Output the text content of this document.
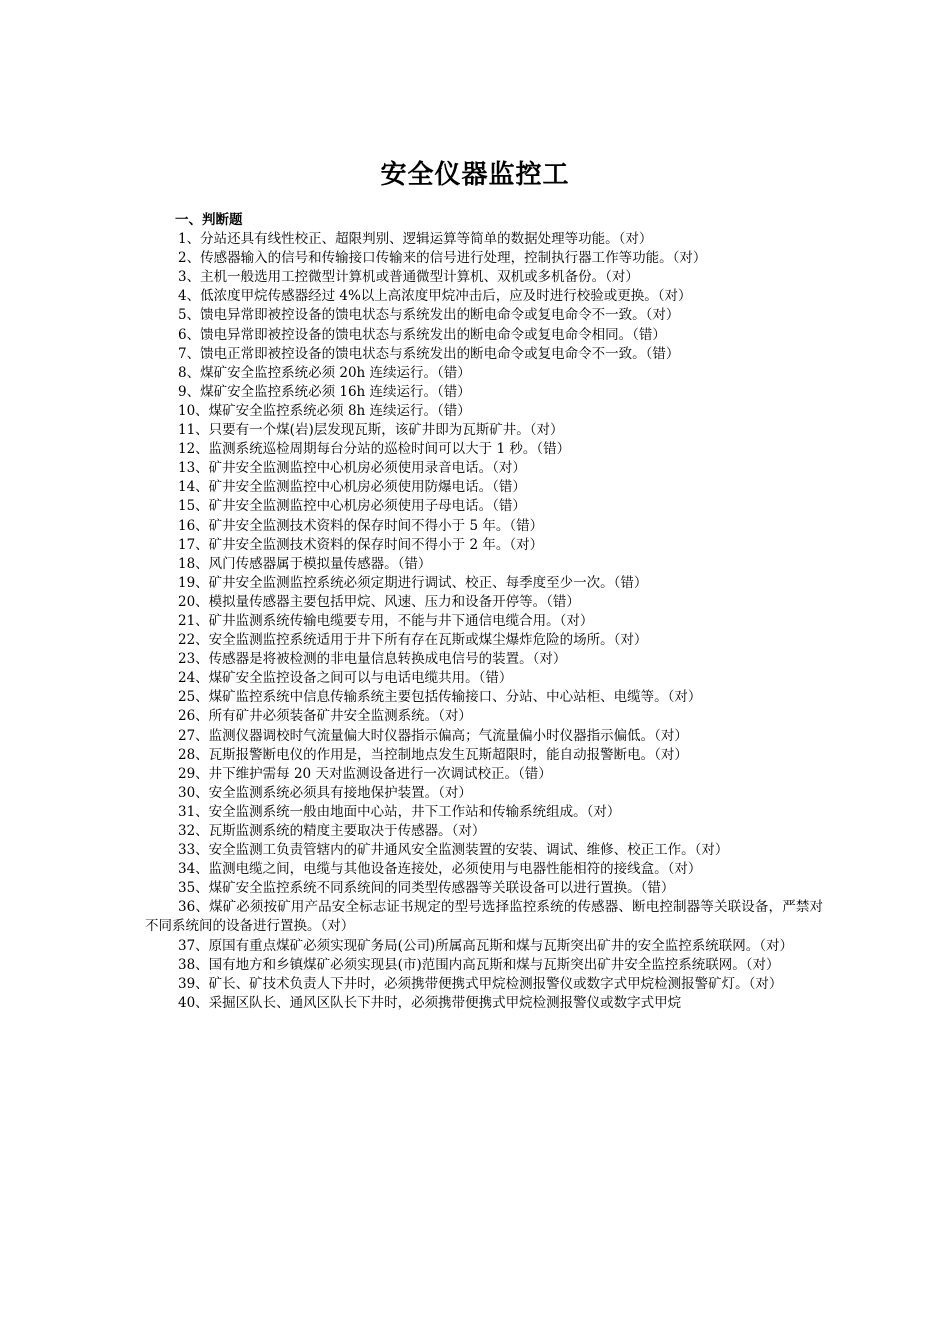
安全仪器监控工
一、判断题

1、分站还具有线性校正、超限判别、逻辑运算等简单的数据处理等功能。（对）

2、传感器输入的信号和传输接口传输来的信号进行处理，控制执行器工作等功能。（对）

3、主机一般选用工控微型计算机或普通微型计算机、双机或多机备份。（对）

4、低浓度甲烷传感器经过 4%以上高浓度甲烷冲击后，应及时进行校验或更换。（对）

5、馈电异常即被控设备的馈电状态与系统发出的断电命令或复电命令不一致。（对）

6、馈电异常即被控设备的馈电状态与系统发出的断电命令或复电命令相同。（错）

7、馈电正常即被控设备的馈电状态与系统发出的断电命令或复电命令不一致。（错）

8、煤矿安全监控系统必须 20h 连续运行。（错）

9、煤矿安全监控系统必须 16h 连续运行。（错）

10、煤矿安全监控系统必须 8h 连续运行。（错）

11、只要有一个煤(岩)层发现瓦斯，该矿井即为瓦斯矿井。（对）

12、监测系统巡检周期每台分站的巡检时间可以大于 1 秒。（错）

13、矿井安全监测监控中心机房必须使用录音电话。（对）

14、矿井安全监测监控中心机房必须使用防爆电话。（错）

15、矿井安全监测监控中心机房必须使用子母电话。（错）

16、矿井安全监测技术资料的保存时间不得小于 5 年。（错）

17、矿井安全监测技术资料的保存时间不得小于 2 年。（对）

18、风门传感器属于模拟量传感器。（错）

19、矿井安全监测监控系统必须定期进行调试、校正、每季度至少一次。（错）

20、模拟量传感器主要包括甲烷、风速、压力和设备开停等。（错）

21、矿井监测系统传输电缆要专用，不能与井下通信电缆合用。（对）

22、安全监测监控系统适用于井下所有存在瓦斯或煤尘爆炸危险的场所。（对）

23、传感器是将被检测的非电量信息转换成电信号的装置。（对）

24、煤矿安全监控设备之间可以与电话电缆共用。（错）

25、煤矿监控系统中信息传输系统主要包括传输接口、分站、中心站柜、电缆等。（对）

26、所有矿井必须装备矿井安全监测系统。（对）

27、监测仪器调校时气流量偏大时仪器指示偏高；气流量偏小时仪器指示偏低。（对）

28、瓦斯报警断电仪的作用是，当控制地点发生瓦斯超限时，能自动报警断电。（对）

29、井下维护需每 20 天对监测设备进行一次调试校正。（错）

30、安全监测系统必须具有接地保护装置。（对）

31、安全监测系统一般由地面中心站，井下工作站和传输系统组成。（对）

32、瓦斯监测系统的精度主要取决于传感器。（对）

33、安全监测工负责管辖内的矿井通风安全监测装置的安装、调试、维修、校正工作。（对）

34、监测电缆之间，电缆与其他设备连接处，必须使用与电器性能相符的接线盒。（对）

35、煤矿安全监控系统不同系统间的同类型传感器等关联设备可以进行置换。（错）

36、煤矿必须按矿用产品安全标志证书规定的型号选择监控系统的传感器、断电控制器等关联设备，严禁对不同系统间的设备进行置换。（对）

37、原国有重点煤矿必须实现矿务局(公司)所属高瓦斯和煤与瓦斯突出矿井的安全监控系统联网。（对）

38、国有地方和乡镇煤矿必须实现县(市)范围内高瓦斯和煤与瓦斯突出矿井安全监控系统联网。（对）

39、矿长、矿技术负责人下井时，必须携带便携式甲烷检测报警仪或数字式甲烷检测报警矿灯。（对）

40、采掘区队长、通风区队长下井时，必须携带便携式甲烷检测报警仪或数字式甲烷
